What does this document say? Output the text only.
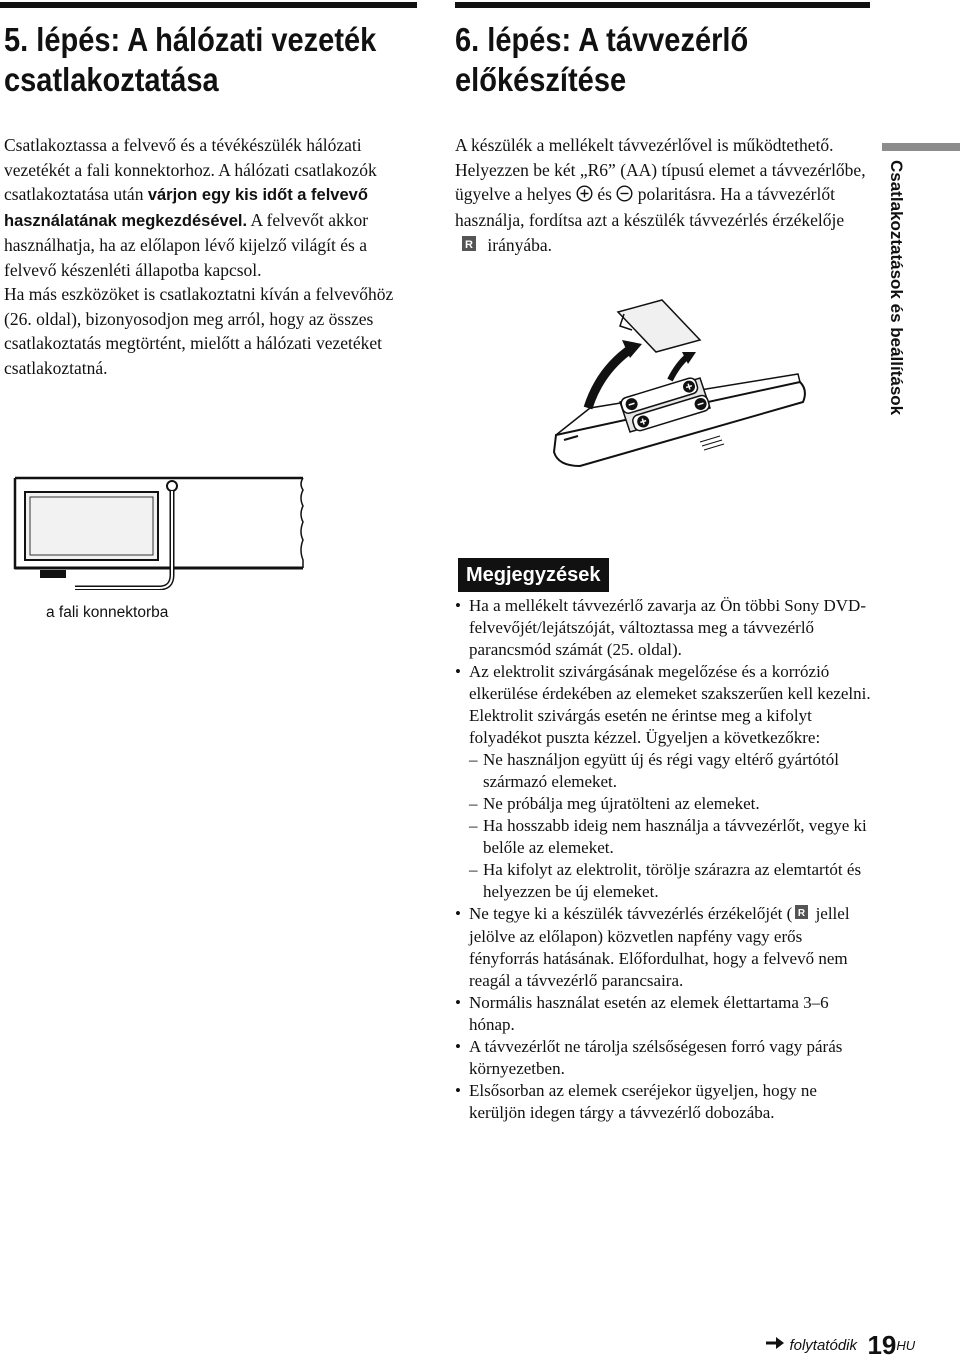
5. lépés: A hálózati vezeték
csatlakoztatása
6. lépés: A távvezérlő
előkészítése

Csatlakoztassa a felvevő és a tévékészülék hálózati vezetékét a fali konnektorhoz. A hálózati csatlakozók csatlakoztatása után várjon egy kis időt a felvevő használatának megkezdésével. A felvevőt akkor használhatja, ha az előlapon lévő kijelző világít és a felvevő készenléti állapotba kapcsol.

Ha más eszközöket is csatlakoztatni kíván a felvevőhöz (26. oldal), bizonyosodjon meg arról, hogy az összes csatlakoztatás megtörtént, mielőtt a hálózati vezetéket csatlakoztatná.

a fali konnektorba

A készülék a mellékelt távvezérlővel is működtethető. Helyezzen be két „R6” (AA) típusú elemet a távvezérlőbe, ügyelve a helyes  és  polaritásra. Ha a távvezérlőt használja, fordítsa azt a készülék távvezérlés érzékelője
R irányába.	Csatlakoztatások és beállítások
Megjegyzések

• Ha a mellékelt távvezérlő zavarja az Ön többi Sony DVD-felvevőjét/lejátszóját, változtassa meg a távvezérlő parancsmód számát (25. oldal).

• Az elektrolit szivárgásának megelőzése és a korrózió elkerülése érdekében az elemeket szakszerűen kell kezelni. Elektrolit szivárgás esetén ne érintse meg a kifolyt folyadékot puszta kézzel. Ügyeljen a következőkre:

– Ne használjon együtt új és régi vagy eltérő gyártótól származó elemeket.

– Ne próbálja meg újratölteni az elemeket.

– Ha hosszabb ideig nem használja a távvezérlőt, vegye ki belőle az elemeket.

– Ha kifolyt az elektrolit, törölje szárazra az elemtartót és helyezzen be új elemeket.

• Ne tegye ki a készülék távvezérlés érzékelőjét ( R jellel jelölve az előlapon) közvetlen napfény vagy erős fényforrás hatásának. Előfordulhat, hogy a felvevő nem reagál a távvezérlő parancsaira.

• Normális használat esetén az elemek élettartama 3–6 hónap.

• A távvezérlőt ne tárolja szélsőségesen forró vagy párás környezetben.

• Elsősorban az elemek cseréjekor ügyeljen, hogy ne kerüljön idegen tárgy a távvezérlő dobozába.

folytatódik 19HU
